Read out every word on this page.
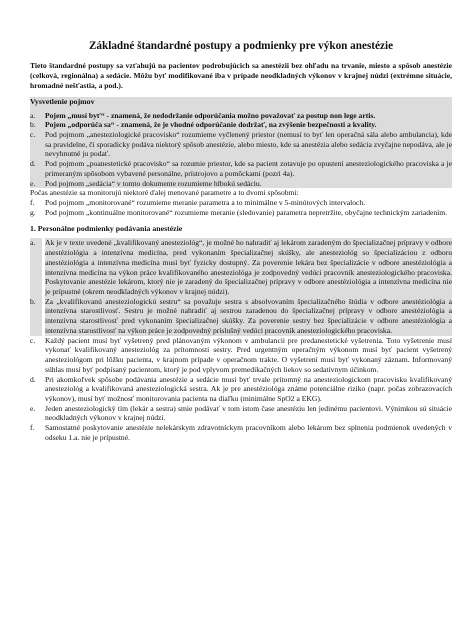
Základné štandardné postupy a podmienky pre výkon anestézie

Tieto štandardné postupy sa vzťahujú na pacientov podrobujúcich sa anestézii bez ohľadu na trvanie, miesto a spôsob anestézie (celková, regionálna) a sedácie. Môžu byť modifikované iba v prípade neodkladných výkonov v krajnej núdzi (extrémne situácie, hromadné nešťastia, a pod.).

Vysvetlenie pojmov

a.	Pojem „musí byť“ - znamená, že nedodržanie odporúčania možno považovať za postup non lege artis.

b.	Pojem „odporúča sa“ - znamená, že je vhodné odporúčanie dodržať, na zvýšenie bezpečnosti a kvality.

c.	Pod pojmom „anesteziologické pracovisko“ rozumieme vyčlenený priestor (nemusí to byť len operačná sála alebo ambulancia), kde sa pravidelne, či sporadicky podáva niektorý spôsob anestézie, alebo miesto, kde sa anestézia alebo sedácia zvyčajne nepodáva, ale je nevyhnutné ju podať.

d.	Pod pojmom „poanestetické pracovisko“ sa rozumie priestor, kde sa pacient zotavuje po opustení anesteziologického pracoviska a je primeraným spôsobom vybavené personálne, prístrojovo a pomôckami (pozri 4a).

e.	Pod pojmom „sedácia“ v tomto dokumente rozumieme hlbokú sedáciu.

Počas anestézie sa monitorujú niektoré ďalej menované parametre a to dvomi spôsobmi:

f.	Pod pojmom „monitorované“ rozumieme meranie parametra a to minimálne v 5-minútových intervaloch.

g.	Pod pojmom „kontinuálne monitorované“ rozumieme meranie (sledovanie) parametra nepretržite, obyčajne technickým zariadením.

1. Personálne podmienky podávania anestézie

a.	Ak je v texte uvedené „kvalifikovaný anesteziológ“, je možné ho nahradiť aj lekárom zaradeným do špecializačnej prípravy v odbore anestéziológia a intenzívna medicína, pred vykonaním špecializačnej skúšky, ale anesteziológ so špecializáciou z odboru anestéziológia a intenzívna medicína musí byť fyzicky dostupný. Za poverenie lekára bez špecializácie v odbore anestéziológia a intenzívna medicína na výkon práce kvalifikovaného anesteziológa je zodpovedný vedúci pracovník anesteziologického pracoviska. Poskytovanie anestézie lekárom, ktorý nie je zaradený do špecializačnej prípravy v odbore anestéziológia a intenzívna medicína nie je prípustné (okrem neodkladných výkonov v krajnej núdzi).

b.	Za „kvalifikovanú anesteziologickú sestru“ sa považuje sestra s absolvovaním špecializačného štúdia v odbore anestéziológia a intenzívna starostlivosť. Sestru je možné nahradiť aj sestrou zaradenou do špecializačnej prípravy v odbore anestéziológia a intenzívna starostlivosť pred vykonaním špecializačnej skúšky. Za poverenie sestry bez špecializácie v odbore anestéziológia a intenzívna starostlivosť na výkon práce je zodpovedný príslušný vedúci pracovník anesteziologického pracoviska.

c.	Každý pacient musí byť vyšetrený pred plánovaným výkonom v ambulancii pre predanestetické vyšetrenia. Toto vyšetrenie musí vykonať kvalifikovaný anesteziológ za prítomnosti sestry. Pred urgentným operačným výkonom musí byť pacient vyšetrený anesteziológom pri lôžku pacienta, v krajnom prípade v operačnom trakte. O vyšetrení musí byť vykonaný záznam. Informovaný súhlas musí byť podpísaný pacientom, ktorý je pod vplyvom premedikačných liekov so sedatívnym účinkom.

d.	Pri akomkoľvek spôsobe podávania anestézie a sedácie musí byť trvale prítomný na anesteziologickom pracovisku kvalifikovaný anesteziológ a kvalifikovaná anesteziologická sestra. Ak je pre anestéziológa známe potenciálne riziko (napr. počas zobrazovacích výkonov), musí byť možnosť monitorovania pacienta na diaľku (minimálne SpO2 a EKG).

e.	Jeden anesteziologický tím (lekár a sestra) smie podávať v tom istom čase anestéziu len jedinému pacientovi. Výnimkou sú situácie neodkladných výkonov v krajnej núdzi.

f.	Samostatné poskytovanie anestézie nelekárskym zdravotníckym pracovníkom alebo lekárom bez splnenia podmienok uvedených v odseku 1.a. nie je prípustné.
